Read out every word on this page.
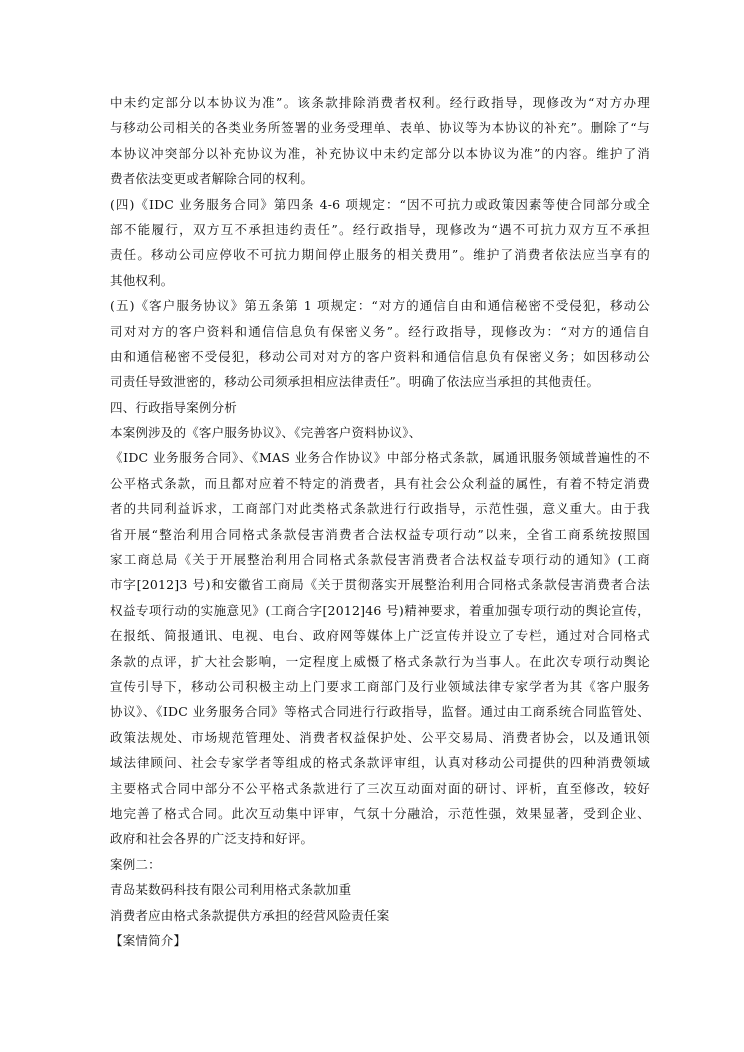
中未约定部分以本协议为准”。该条款排除消费者权利。经行政指导，现修改为“对方办理
与移动公司相关的各类业务所签署的业务受理单、表单、协议等为本协议的补充”。删除了“与
本协议冲突部分以补充协议为准，补充协议中未约定部分以本协议为准”的内容。维护了消
费者依法变更或者解除合同的权利。
(四)《IDC 业务服务合同》第四条 4-6 项规定：“因不可抗力或政策因素等使合同部分或全
部不能履行，双方互不承担违约责任”。经行政指导，现修改为“遇不可抗力双方互不承担
责任。移动公司应停收不可抗力期间停止服务的相关费用”。维护了消费者依法应当享有的
其他权利。
(五)《客户服务协议》第五条第 1 项规定：“对方的通信自由和通信秘密不受侵犯，移动公
司对对方的客户资料和通信信息负有保密义务”。经行政指导，现修改为：“对方的通信自
由和通信秘密不受侵犯，移动公司对对方的客户资料和通信信息负有保密义务；如因移动公
司责任导致泄密的，移动公司须承担相应法律责任”。明确了依法应当承担的其他责任。
四、行政指导案例分析
本案例涉及的《客户服务协议》、《完善客户资料协议》、
《IDC 业务服务合同》、《MAS 业务合作协议》中部分格式条款，属通讯服务领域普遍性的不
公平格式条款，而且都对应着不特定的消费者，具有社会公众利益的属性，有着不特定消费
者的共同利益诉求，工商部门对此类格式条款进行行政指导，示范性强，意义重大。由于我
省开展“整治利用合同格式条款侵害消费者合法权益专项行动”以来，全省工商系统按照国
家工商总局《关于开展整治利用合同格式条款侵害消费者合法权益专项行动的通知》(工商
市字[2012]3 号)和安徽省工商局《关于贯彻落实开展整治利用合同格式条款侵害消费者合法
权益专项行动的实施意见》(工商合字[2012]46 号)精神要求，着重加强专项行动的舆论宣传，
在报纸、简报通讯、电视、电台、政府网等媒体上广泛宣传并设立了专栏，通过对合同格式
条款的点评，扩大社会影响，一定程度上威慑了格式条款行为当事人。在此次专项行动舆论
宣传引导下，移动公司积极主动上门要求工商部门及行业领域法律专家学者为其《客户服务
协议》、《IDC 业务服务合同》等格式合同进行行政指导，监督。通过由工商系统合同监管处、
政策法规处、市场规范管理处、消费者权益保护处、公平交易局、消费者协会，以及通讯领
域法律顾问、社会专家学者等组成的格式条款评审组，认真对移动公司提供的四种消费领域
主要格式合同中部分不公平格式条款进行了三次互动面对面的研讨、评析，直至修改，较好
地完善了格式合同。此次互动集中评审，气氛十分融洽，示范性强，效果显著，受到企业、
政府和社会各界的广泛支持和好评。
案例二：
青岛某数码科技有限公司利用格式条款加重
消费者应由格式条款提供方承担的经营风险责任案
【案情简介】
